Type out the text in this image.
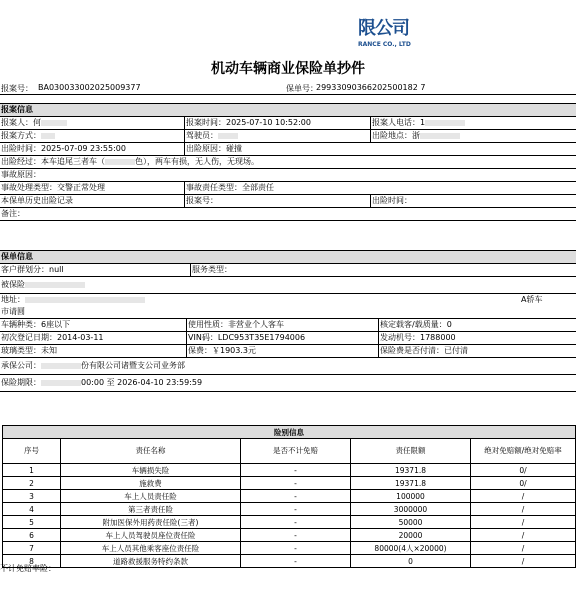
限公司
RANCE CO., LTD
机动车辆商业保险单抄件
报案号： BA030033002025009377	保单号：
29933090366202500182 7
报案信息
报案人：何	报案时间：2025-07-10 10:52:00	报案人电话：1
报案方式：	驾驶员：	出险地点：浙
出险时间：2025-07-09 23:55:00	出险原因：碰撞
出险经过：本车追尾三者车（	色），两车有损，无人伤，无现场。
事故原因：
事故处理类型：交警正常处理	事故责任类型：全部责任
本保单历史出险记录	报案号：	出险时间：
备注：
保单信息
客户群划分：null	服务类型：
被保险
地址：	A轿车
市请圆
车辆种类：6座以下	使用性质：非营业个人客车	核定载客/载质量：0
初次登记日期：2014-03-11	VIN码：LDC953T35E1794006	发动机号：1788000
玻璃类型：未知	保费：￥1903.3元	保险费是否付清：已付清
承保公司：	份有限公司诸暨支公司业务部
保险期限：	00:00 至 2026-04-10 23:59:59
险别信息				
序号	责任名称	是否不计免赔	责任限额	绝对免赔额/绝对免赔率
1	车辆损失险	-	19371.8	0/
2	施救费	-	19371.8	0/
3	车上人员责任险	-	100000	/
4	第三者责任险	-	3000000	/
5	附加医保外用药责任险(三者)	-	50000	/
6	车上人员驾驶员座位责任险	-	20000	/
7	车上人员其他乘客座位责任险	-	80000(4人×20000)	/
8	道路救援服务特约条款	-	0	/
不计免赔率险：
